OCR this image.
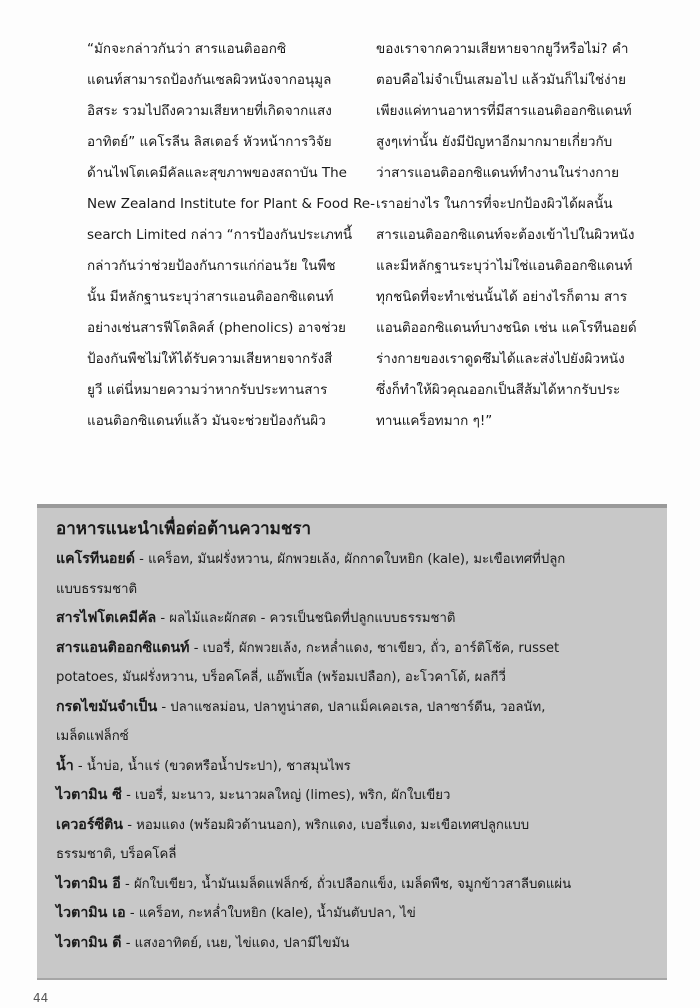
“มักจะกล่าวกันว่า สารแอนติออกซิ
แดนท์สามารถป้องกันเซลผิวหนังจากอนุมูล
อิสระ รวมไปถึงความเสียหายที่เกิดจากแสง
อาทิตย์” แคโรลีน ลิสเตอร์ หัวหน้าการวิจัย
ด้านไฟโตเคมีคัลและสุขภาพของสถาบัน The
New Zealand Institute for Plant & Food Re-
search Limited กล่าว “การป้องกันประเภทนี้
กล่าวกันว่าช่วยป้องกันการแก่ก่อนวัย ในพืช
นั้น มีหลักฐานระบุว่าสารแอนติออกซิแดนท์
อย่างเช่นสารฟีโตลิคส์ (phenolics) อาจช่วย
ป้องกันพืชไม่ให้ได้รับความเสียหายจากรังสี
ยูวี แต่นี่หมายความว่าหากรับประทานสาร
แอนติอกซิแดนท์แล้ว มันจะช่วยป้องกันผิว
ของเราจากความเสียหายจากยูวีหรือไม่? คำ
ตอบคือไม่จำเป็นเสมอไป แล้วมันก็ไม่ใช่ง่าย
เพียงแค่ทานอาหารที่มีสารแอนติออกซิแดนท์
สูงๆเท่านั้น ยังมีปัญหาอีกมากมายเกี่ยวกับ
ว่าสารแอนติออกซิแดนท์ทำงานในร่างกาย
เราอย่างไร ในการที่จะปกป้องผิวได้ผลนั้น
สารแอนติออกซิแดนท์จะต้องเข้าไปในผิวหนัง
และมีหลักฐานระบุว่าไม่ใช่แอนติออกซิแดนท์
ทุกชนิดที่จะทำเช่นนั้นได้ อย่างไรก็ตาม สาร
แอนติออกซิแดนท์บางชนิด เช่น แคโรทีนอยด์
ร่างกายของเราดูดซึมได้และส่งไปยังผิวหนัง
ซึ่งก็ทำให้ผิวคุณออกเป็นสีส้มได้หากรับประ
ทานแคร็อทมาก ๆ!”
อาหารแนะนำเพื่อต่อต้านความชรา
แคโรทีนอยด์ - แคร็อท, มันฝรั่งหวาน, ผักพวยเล้ง, ผักกาดใบหยิก (kale), มะเขือเทศที่ปลูก
แบบธรรมชาติ
สารไฟโตเคมีคัล - ผลไม้และผักสด - ควรเป็นชนิดที่ปลูกแบบธรรมชาติ
สารแอนติออกซิแดนท์ - เบอรี่, ผักพวยเล้ง, กะหล่ำแดง, ชาเขียว, ถั่ว, อาร์ติโช้ค, russet
potatoes, มันฝรั่งหวาน, บร็อคโคลี่, แอ๊พเปิ้ล (พร้อมเปลือก), อะโวคาโด้, ผลกีวี่
กรดไขมันจำเป็น - ปลาแซลม่อน, ปลาทูน่าสด, ปลาแม็คเคอเรล, ปลาซาร์ดีน, วอลนัท,
เมล็ดแฟล็กซ์
น้ำ - น้ำบ่อ, น้ำแร่ (ขวดหรือน้ำประปา), ชาสมุนไพร
ไวตามิน ซี - เบอรี่, มะนาว, มะนาวผลใหญ่ (limes), พริก, ผักใบเขียว
เควอร์ซีติน - หอมแดง (พร้อมผิวด้านนอก), พริกแดง, เบอรี่แดง, มะเขือเทศปลูกแบบ
ธรรมชาติ, บร็อคโคลี่
ไวตามิน อี - ผักใบเขียว, น้ำมันเมล็ดแฟล็กซ์, ถั่วเปลือกแข็ง, เมล็ดพืช, จมูกข้าวสาลีบดแผ่น
ไวตามิน เอ - แคร็อท, กะหล่ำใบหยิก (kale), น้ำมันตับปลา, ไข่
ไวตามิน ดี - แสงอาทิตย์, เนย, ไข่แดง, ปลามีไขมัน
44
